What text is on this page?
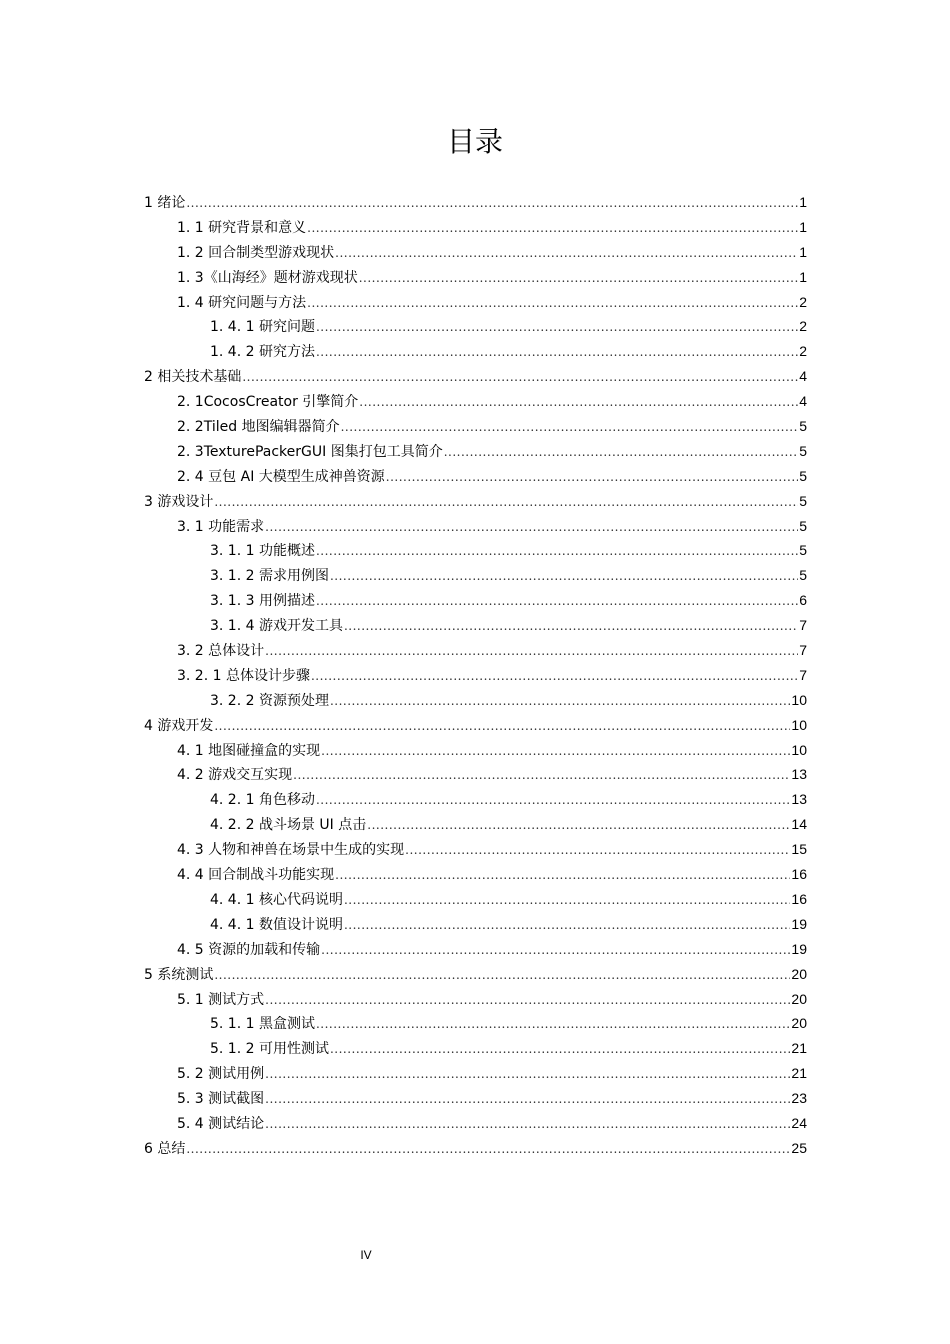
目录
1 绪论 .....	1
1. 1 研究背景和意义 .....	1
1. 2 回合制类型游戏现状 .....	1
1. 3《山海经》题材游戏现状 .....	1
1. 4 研究问题与方法 .....	2
1. 4. 1 研究问题 .....	2
1. 4. 2 研究方法 .....	2
2 相关技术基础 .....	4
2. 1CocosCreator 引擎简介 .....	4
2. 2Tiled 地图编辑器简介 .....	5
2. 3TexturePackerGUI 图集打包工具简介 .....	5
2. 4 豆包 AI 大模型生成神兽资源 .....	5
3 游戏设计 .....	5
3. 1 功能需求 .....	5
3. 1. 1 功能概述 .....	5
3. 1. 2 需求用例图 .....	5
3. 1. 3 用例描述 .....	6
3. 1. 4 游戏开发工具 .....	7
3. 2 总体设计 .....	7
3. 2. 1 总体设计步骤 .....	7
3. 2. 2 资源预处理 .....	10
4 游戏开发 .....	10
4. 1 地图碰撞盒的实现 .....	10
4. 2 游戏交互实现 .....	13
4. 2. 1 角色移动 .....	13
4. 2. 2 战斗场景 UI 点击 .....	14
4. 3 人物和神兽在场景中生成的实现 .....	15
4. 4 回合制战斗功能实现 .....	16
4. 4. 1 核心代码说明 .....	16
4. 4. 1 数值设计说明 .....	19
4. 5 资源的加载和传输 .....	19
5 系统测试 .....	20
5. 1 测试方式 .....	20
5. 1. 1 黑盒测试 .....	20
5. 1. 2 可用性测试 .....	21
5. 2 测试用例 .....	21
5. 3 测试截图 .....	23
5. 4 测试结论 .....	24
6 总结 .....	25
IV
